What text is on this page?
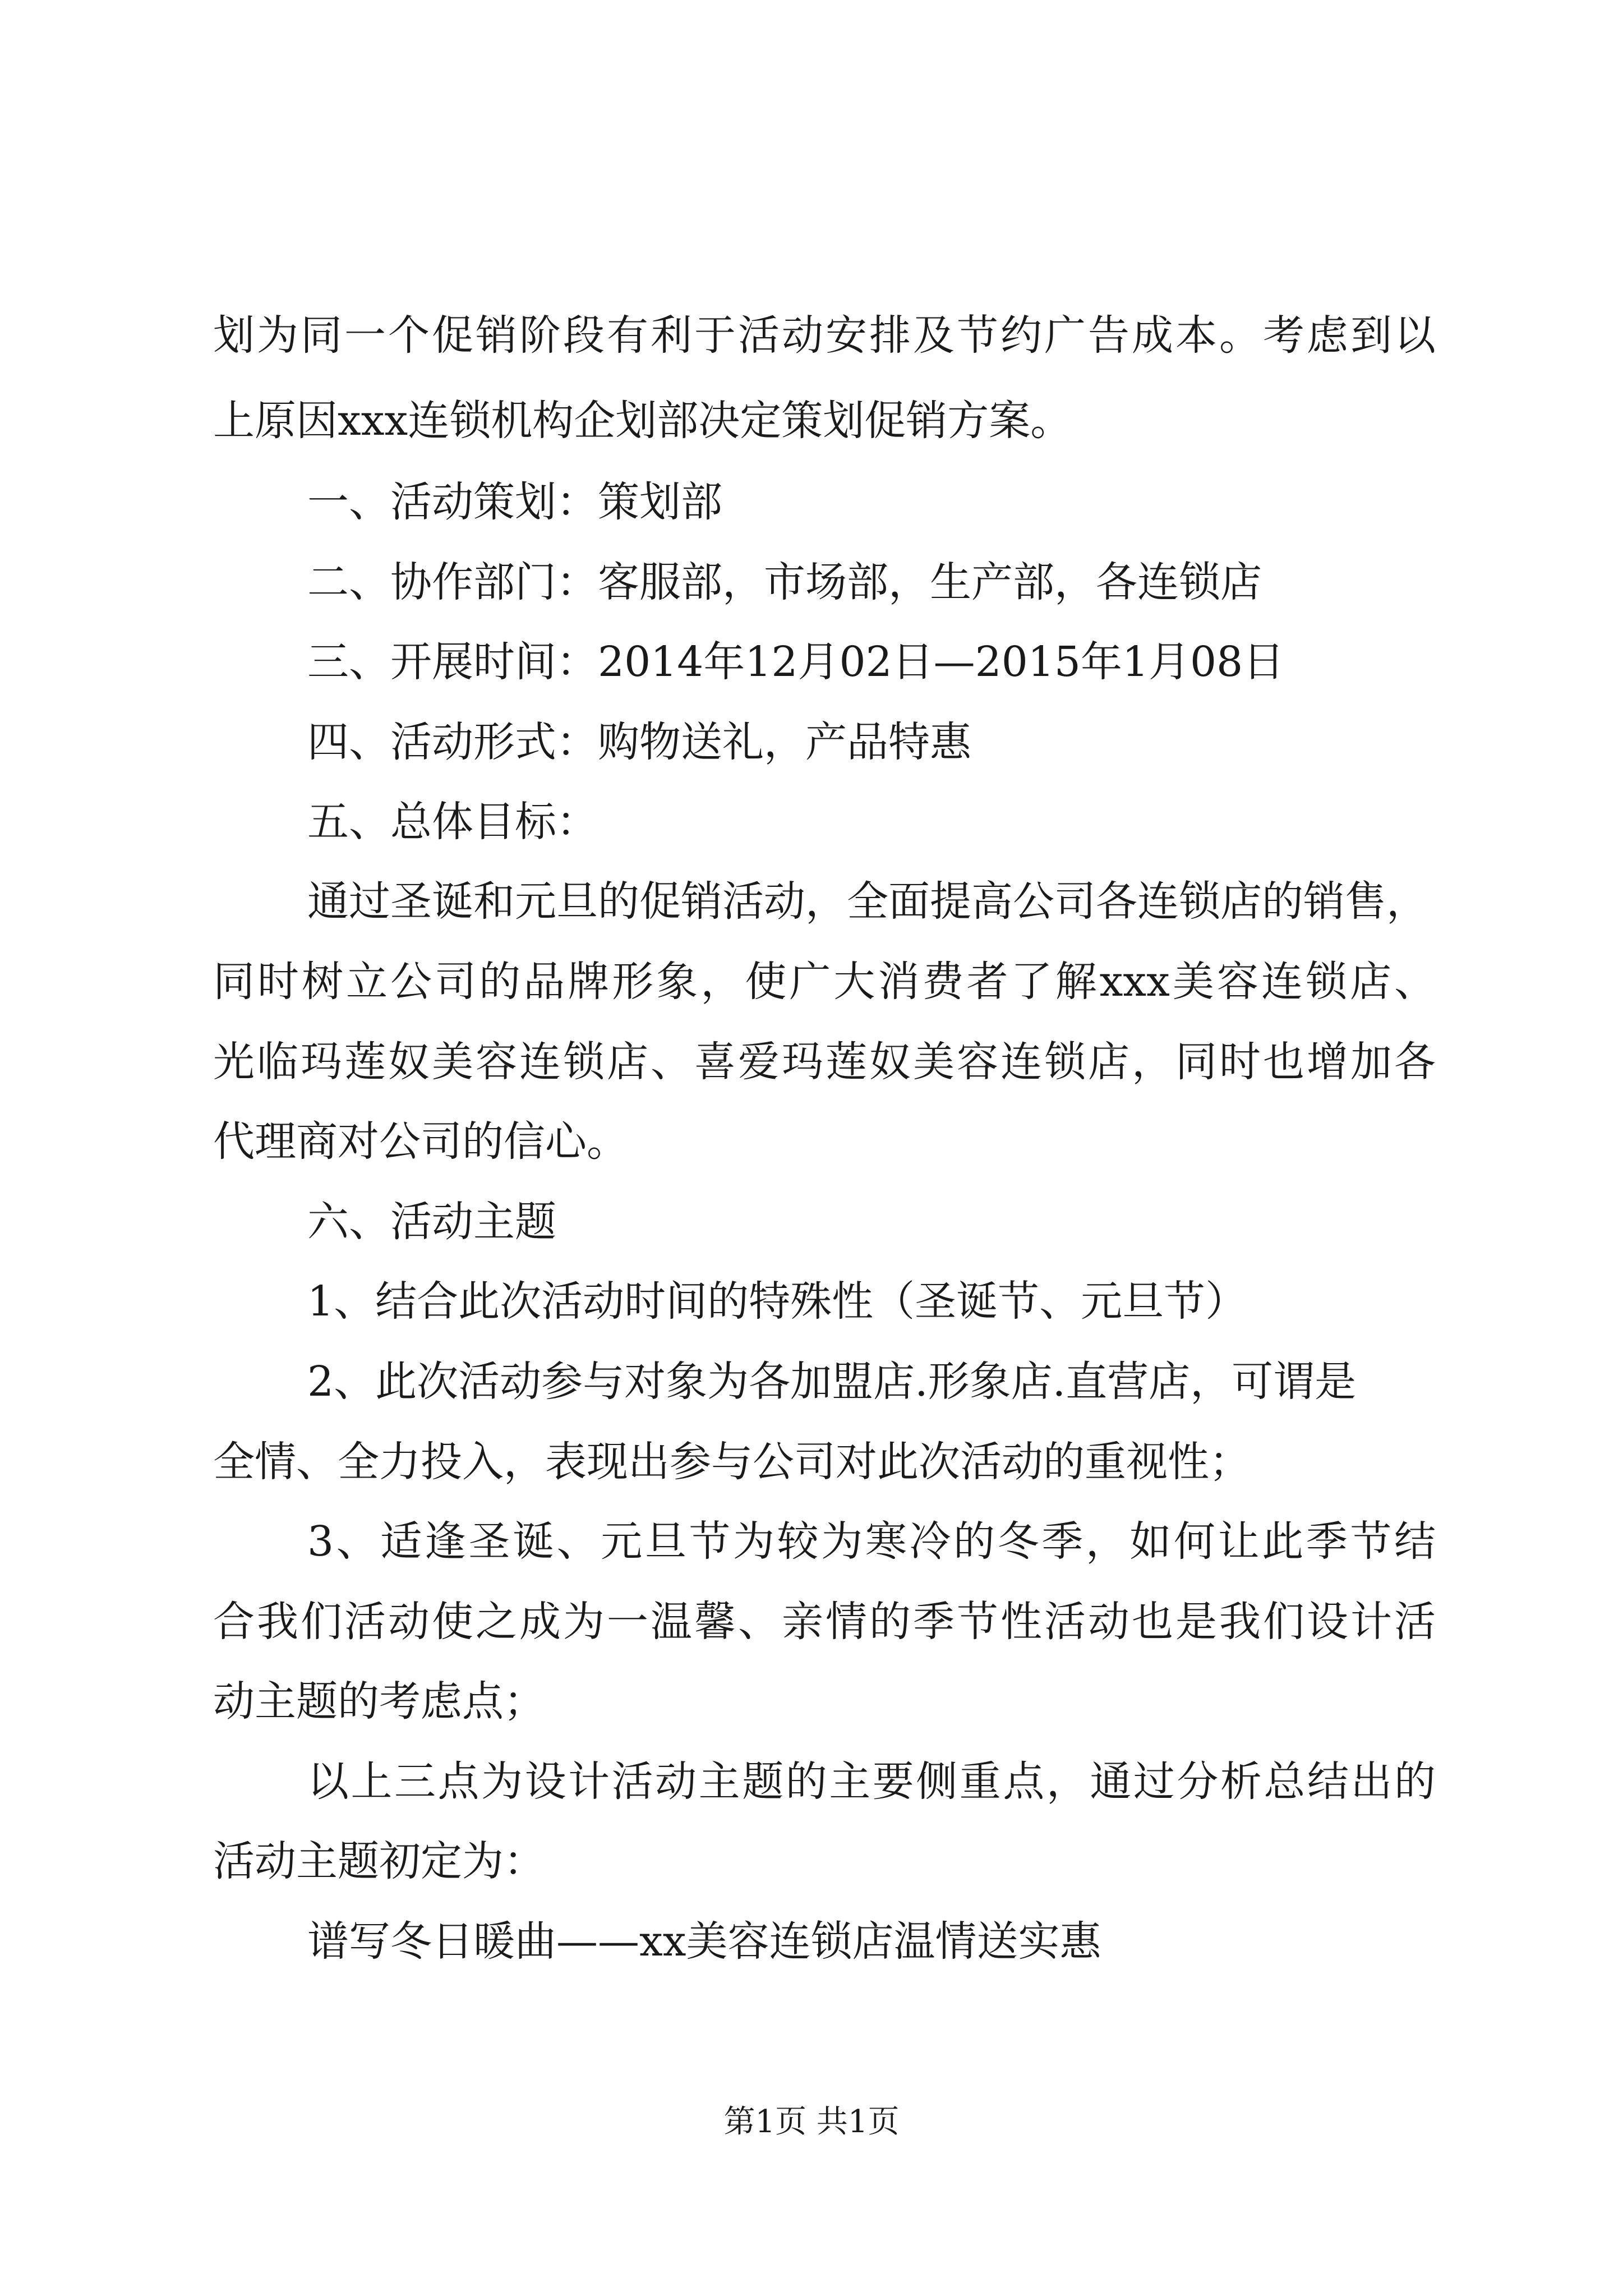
划为同一个促销阶段有利于活动安排及节约广告成本。考虑到以
上原因xxx连锁机构企划部决定策划促销方案。
一、活动策划：策划部
二、协作部门：客服部，市场部，生产部，各连锁店
三、开展时间：2014年12月02日—2015年1月08日
四、活动形式：购物送礼，产品特惠
五、总体目标：
通过圣诞和元旦的促销活动，全面提高公司各连锁店的销售，
同时树立公司的品牌形象，使广大消费者了解xxx美容连锁店、
光临玛莲奴美容连锁店、喜爱玛莲奴美容连锁店，同时也增加各
代理商对公司的信心。
六、活动主题
1、结合此次活动时间的特殊性（圣诞节、元旦节）
2、此次活动参与对象为各加盟店.形象店.直营店，可谓是
全情、全力投入，表现出参与公司对此次活动的重视性；
3、适逢圣诞、元旦节为较为寒冷的冬季，如何让此季节结
合我们活动使之成为一温馨、亲情的季节性活动也是我们设计活
动主题的考虑点；
以上三点为设计活动主题的主要侧重点，通过分析总结出的
活动主题初定为：
谱写冬日暖曲——xx美容连锁店温情送实惠
第1页 共1页
